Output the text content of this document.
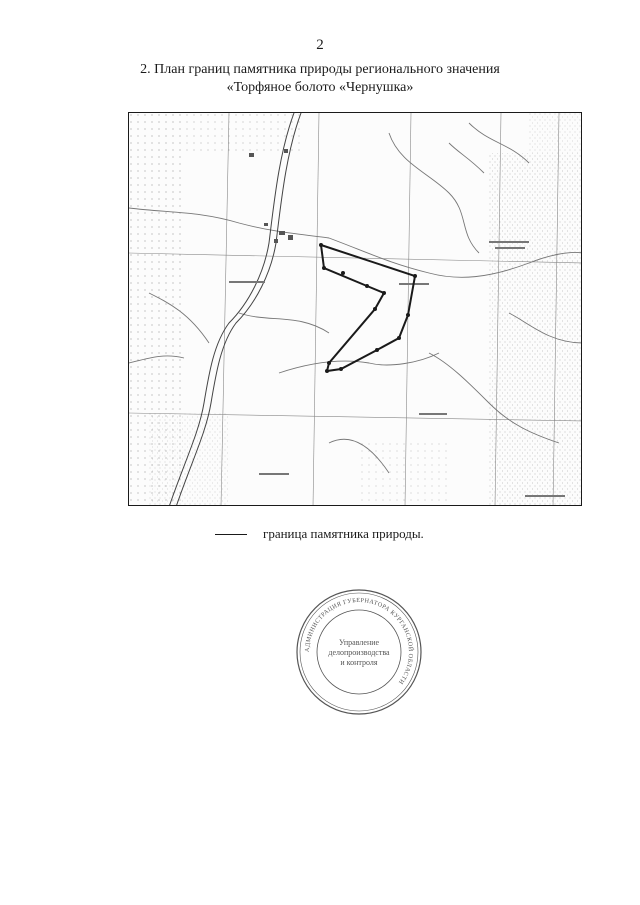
2
2. План границ памятника природы регионального значения
«Торфяное болото «Чернушка»
граница памятника природы.
АДМИНИСТРАЦИЯ ГУБЕРНАТОРА КУРГАНСКОЙ ОБЛАСТИ
Управление
делопроизводства
и контроля
